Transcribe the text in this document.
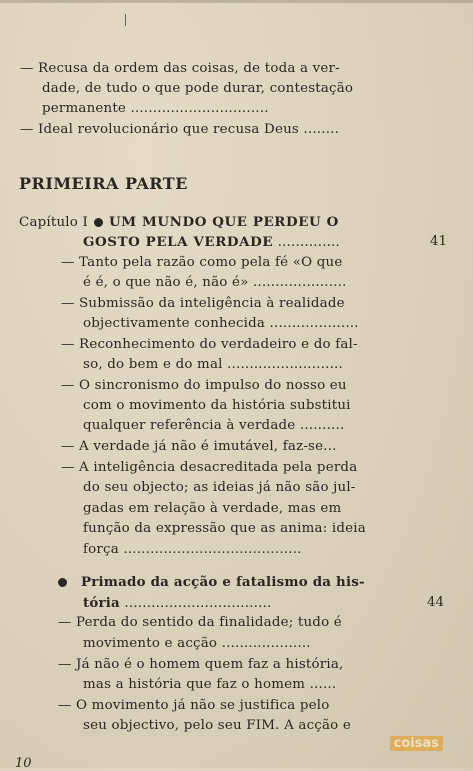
— Recusa da ordem das coisas, de toda a ver-
dade, de tudo o que pode durar, contestação
permanente ...............................
— Ideal revolucionário que recusa Deus ........
PRIMEIRA PARTE
Capítulo I UM MUNDO QUE PERDEU O
GOSTO PELA VERDADE ..............	41
— Tanto pela razão como pela fé «O que
é é, o que não é, não é» .....................
— Submissão da inteligência à realidade
objectivamente conhecida ....................
— Reconhecimento do verdadeiro e do fal-
so, do bem e do mal ..........................
— O sincronismo do impulso do nosso eu
com o movimento da história substitui
qualquer referência à verdade ..........
— A verdade já não é imutável, faz-se...
— A inteligência desacreditada pela perda
do seu objecto; as ideias já não são jul-
gadas em relação à verdade, mas em
função da expressão que as anima: ideia
força ........................................
Primado da acção e fatalismo da his-
tória .................................	44
— Perda do sentido da finalidade; tudo é
movimento e acção ....................
— Já não é o homem quem faz a história,
mas a história que faz o homem ......
— O movimento já não se justifica pelo
seu objectivo, pelo seu FIM. A acção e
10
coisas
